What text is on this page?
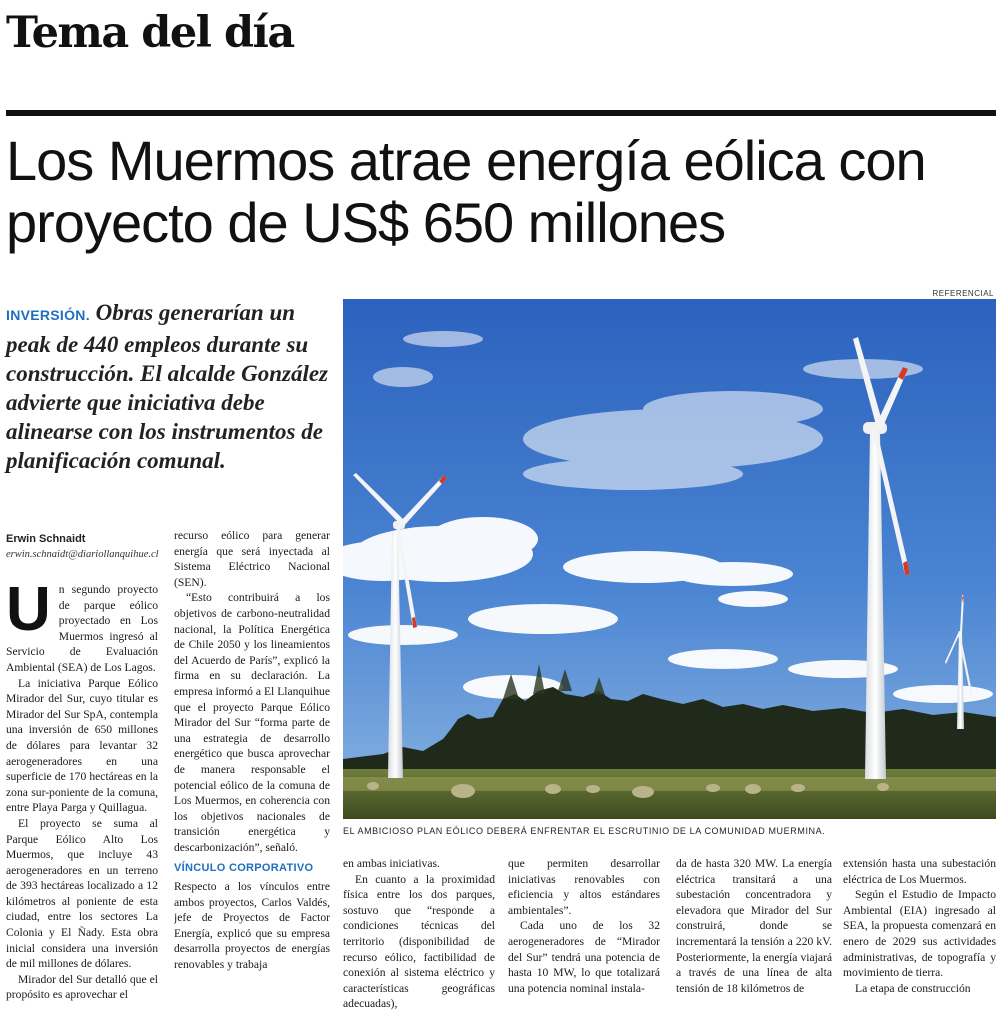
Tema del día
Los Muermos atrae energía eólica con proyecto de US$ 650 millones

INVERSIÓN. Obras generarían un peak de 440 empleos durante su construcción. El alcalde González advierte que iniciativa debe alinearse con los instrumentos de planificación comunal.

REFERENCIAL
EL AMBICIOSO PLAN EÓLICO DEBERÁ ENFRENTAR EL ESCRUTINIO DE LA COMUNIDAD MUERMINA.
Erwin Schnaidt
erwin.schnaidt@diariollanquihue.cl

Un segundo proyecto de parque eólico proyectado en Los Muermos ingresó al Servicio de Evaluación Ambiental (SEA) de Los Lagos.

La iniciativa Parque Eólico Mirador del Sur, cuyo titular es Mirador del Sur SpA, contempla una inversión de 650 millones de dólares para levantar 32 aerogeneradores en una superficie de 170 hectáreas en la zona sur-poniente de la comuna, entre Playa Parga y Quillagua.

El proyecto se suma al Parque Eólico Alto Los Muermos, que incluye 43 aerogeneradores en un terreno de 393 hectáreas localizado a 12 kilómetros al poniente de esta ciudad, entre los sectores La Colonia y El Ñady. Esta obra inicial considera una inversión de mil millones de dólares.

Mirador del Sur detalló que el propósito es aprovechar el

recurso eólico para generar energía que será inyectada al Sistema Eléctrico Nacional (SEN).

“Esto contribuirá a los objetivos de carbono-neutralidad nacional, la Política Energética de Chile 2050 y los lineamientos del Acuerdo de París”, explicó la firma en su declaración. La empresa informó a El Llanquihue que el proyecto Parque Eólico Mirador del Sur “forma parte de una estrategia de desarrollo energético que busca aprovechar de manera responsable el potencial eólico de la comuna de Los Muermos, en coherencia con los objetivos nacionales de transición energética y descarbonización”, señaló.

VÍNCULO CORPORATIVO

Respecto a los vínculos entre ambos proyectos, Carlos Valdés, jefe de Proyectos de Factor Energía, explicó que su empresa desarrolla proyectos de energías renovables y trabaja

en ambas iniciativas.

En cuanto a la proximidad física entre los dos parques, sostuvo que “responde a condiciones técnicas del territorio (disponibilidad de recurso eólico, factibilidad de conexión al sistema eléctrico y características geográficas adecuadas),

que permiten desarrollar iniciativas renovables con eficiencia y altos estándares ambientales”.

Cada uno de los 32 aerogeneradores de “Mirador del Sur” tendrá una potencia de hasta 10 MW, lo que totalizará una potencia nominal instala-

da de hasta 320 MW. La energía eléctrica transitará a una subestación concentradora y elevadora que Mirador del Sur construirá, donde se incrementará la tensión a 220 kV. Posteriormente, la energía viajará a través de una línea de alta tensión de 18 kilómetros de

extensión hasta una subestación eléctrica de Los Muermos.

Según el Estudio de Impacto Ambiental (EIA) ingresado al SEA, la propuesta comenzará en enero de 2029 sus actividades administrativas, de topografía y movimiento de tierra.

La etapa de construcción
